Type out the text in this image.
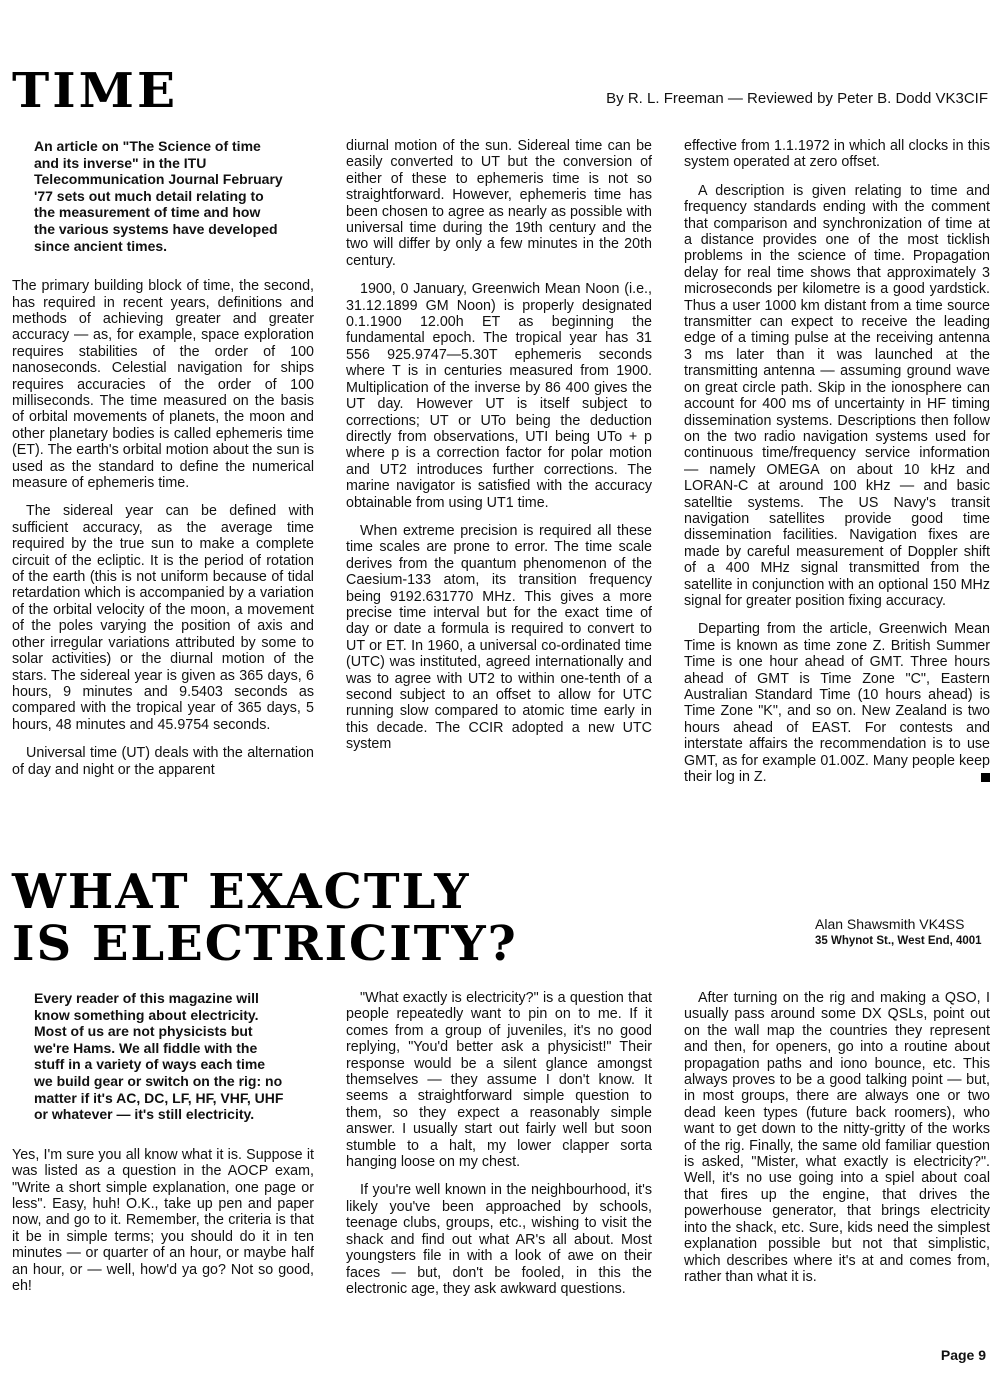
TIME	By R. L. Freeman — Reviewed by Peter B. Dodd VK3CIF
An article on "The Science of time and its inverse" in the ITU Telecommunication Journal February '77 sets out much detail relating to the measurement of time and how the various systems have developed since ancient times.

The primary building block of time, the second, has required in recent years, definitions and methods of achieving greater and greater accuracy — as, for example, space exploration requires stabilities of the order of 100 nanoseconds. Celestial navigation for ships requires accuracies of the order of 100 milliseconds. The time measured on the basis of orbital movements of planets, the moon and other planetary bodies is called ephemeris time (ET). The earth's orbital motion about the sun is used as the standard to define the numerical measure of ephemeris time.

The sidereal year can be defined with sufficient accuracy, as the average time required by the true sun to make a complete circuit of the ecliptic. It is the period of rotation of the earth (this is not uniform because of tidal retardation which is accompanied by a variation of the orbital velocity of the moon, a movement of the poles varying the position of axis and other irregular variations attributed by some to solar activities) or the diurnal motion of the stars. The sidereal year is given as 365 days, 6 hours, 9 minutes and 9.5403 seconds as compared with the tropical year of 365 days, 5 hours, 48 minutes and 45.9754 seconds.

Universal time (UT) deals with the alternation of day and night or the apparent

diurnal motion of the sun. Sidereal time can be easily converted to UT but the conversion of either of these to ephemeris time is not so straightforward. However, ephemeris time has been chosen to agree as nearly as possible with universal time during the 19th century and the two will differ by only a few minutes in the 20th century.

1900, 0 January, Greenwich Mean Noon (i.e., 31.12.1899 GM Noon) is properly designated 0.1.1900 12.00h ET as beginning the fundamental epoch. The tropical year has 31 556 925.9747—5.30T ephemeris seconds where T is in centuries measured from 1900. Multiplication of the inverse by 86 400 gives the UT day. However UT is itself subject to corrections; UT or UTo being the deduction directly from observations, UTI being UTo + p where p is a correction factor for polar motion and UT2 introduces further corrections. The marine navigator is satisfied with the accuracy obtainable from using UT1 time.

When extreme precision is required all these time scales are prone to error. The time scale derives from the quantum phenomenon of the Caesium-133 atom, its transition frequency being 9192.631770 MHz. This gives a more precise time interval but for the exact time of day or date a formula is required to convert to UT or ET. In 1960, a universal co-ordinated time (UTC) was instituted, agreed internationally and was to agree with UT2 to within one-tenth of a second subject to an offset to allow for UTC running slow compared to atomic time early in this decade. The CCIR adopted a new UTC system

effective from 1.1.1972 in which all clocks in this system operated at zero offset.

A description is given relating to time and frequency standards ending with the comment that comparison and synchronization of time at a distance provides one of the most ticklish problems in the science of time. Propagation delay for real time shows that approximately 3 microseconds per kilometre is a good yardstick. Thus a user 1000 km distant from a time source transmitter can expect to receive the leading edge of a timing pulse at the receiving antenna 3 ms later than it was launched at the transmitting antenna — assuming ground wave on great circle path. Skip in the ionosphere can account for 400 ms of uncertainty in HF timing dissemination systems. Descriptions then follow on the two radio navigation systems used for continuous time/frequency service information — namely OMEGA on about 10 kHz and LORAN-C at around 100 kHz — and basic satelltie systems. The US Navy's transit navigation satellites provide good time dissemination facilities. Navigation fixes are made by careful measurement of Doppler shift of a 400 MHz signal transmitted from the satellite in conjunction with an optional 150 MHz signal for greater position fixing accuracy.

Departing from the article, Greenwich Mean Time is known as time zone Z. British Summer Time is one hour ahead of GMT. Three hours ahead of GMT is Time Zone "C", Eastern Australian Standard Time (10 hours ahead) is Time Zone "K", and so on. New Zealand is two hours ahead of EAST. For contests and interstate affairs the recommendation is to use GMT, as for example 01.00Z. Many people keep their log in Z.

WHAT EXACTLY
IS ELECTRICITY?	Alan Shawsmith VK4SS
35 Whynot St., West End, 4001
Every reader of this magazine will know something about electricity. Most of us are not physicists but we're Hams. We all fiddle with the stuff in a variety of ways each time we build gear or switch on the rig: no matter if it's AC, DC, LF, HF, VHF, UHF or whatever — it's still electricity.

Yes, I'm sure you all know what it is. Suppose it was listed as a question in the AOCP exam, "Write a short simple explanation, one page or less". Easy, huh! O.K., take up pen and paper now, and go to it. Remember, the criteria is that it be in simple terms; you should do it in ten minutes — or quarter of an hour, or maybe half an hour, or — well, how'd ya go? Not so good, eh!

"What exactly is electricity?" is a question that people repeatedly want to pin on to me. If it comes from a group of juveniles, it's no good replying, "You'd better ask a physicist!" Their response would be a silent glance amongst themselves — they assume I don't know. It seems a straightforward simple question to them, so they expect a reasonably simple answer. I usually start out fairly well but soon stumble to a halt, my lower clapper sorta hanging loose on my chest.

If you're well known in the neighbourhood, it's likely you've been approached by schools, teenage clubs, groups, etc., wishing to visit the shack and find out what AR's all about. Most youngsters file in with a look of awe on their faces — but, don't be fooled, in this the electronic age, they ask awkward questions.

After turning on the rig and making a QSO, I usually pass around some DX QSLs, point out on the wall map the countries they represent and then, for openers, go into a routine about propagation paths and iono bounce, etc. This always proves to be a good talking point — but, in most groups, there are always one or two dead keen types (future back roomers), who want to get down to the nitty-gritty of the works of the rig. Finally, the same old familiar question is asked, "Mister, what exactly is electricity?". Well, it's no use going into a spiel about coal that fires up the engine, that drives the powerhouse generator, that brings electricity into the shack, etc. Sure, kids need the simplest explanation possible but not that simplistic, which describes where it's at and comes from, rather than what it is.

Page 9
